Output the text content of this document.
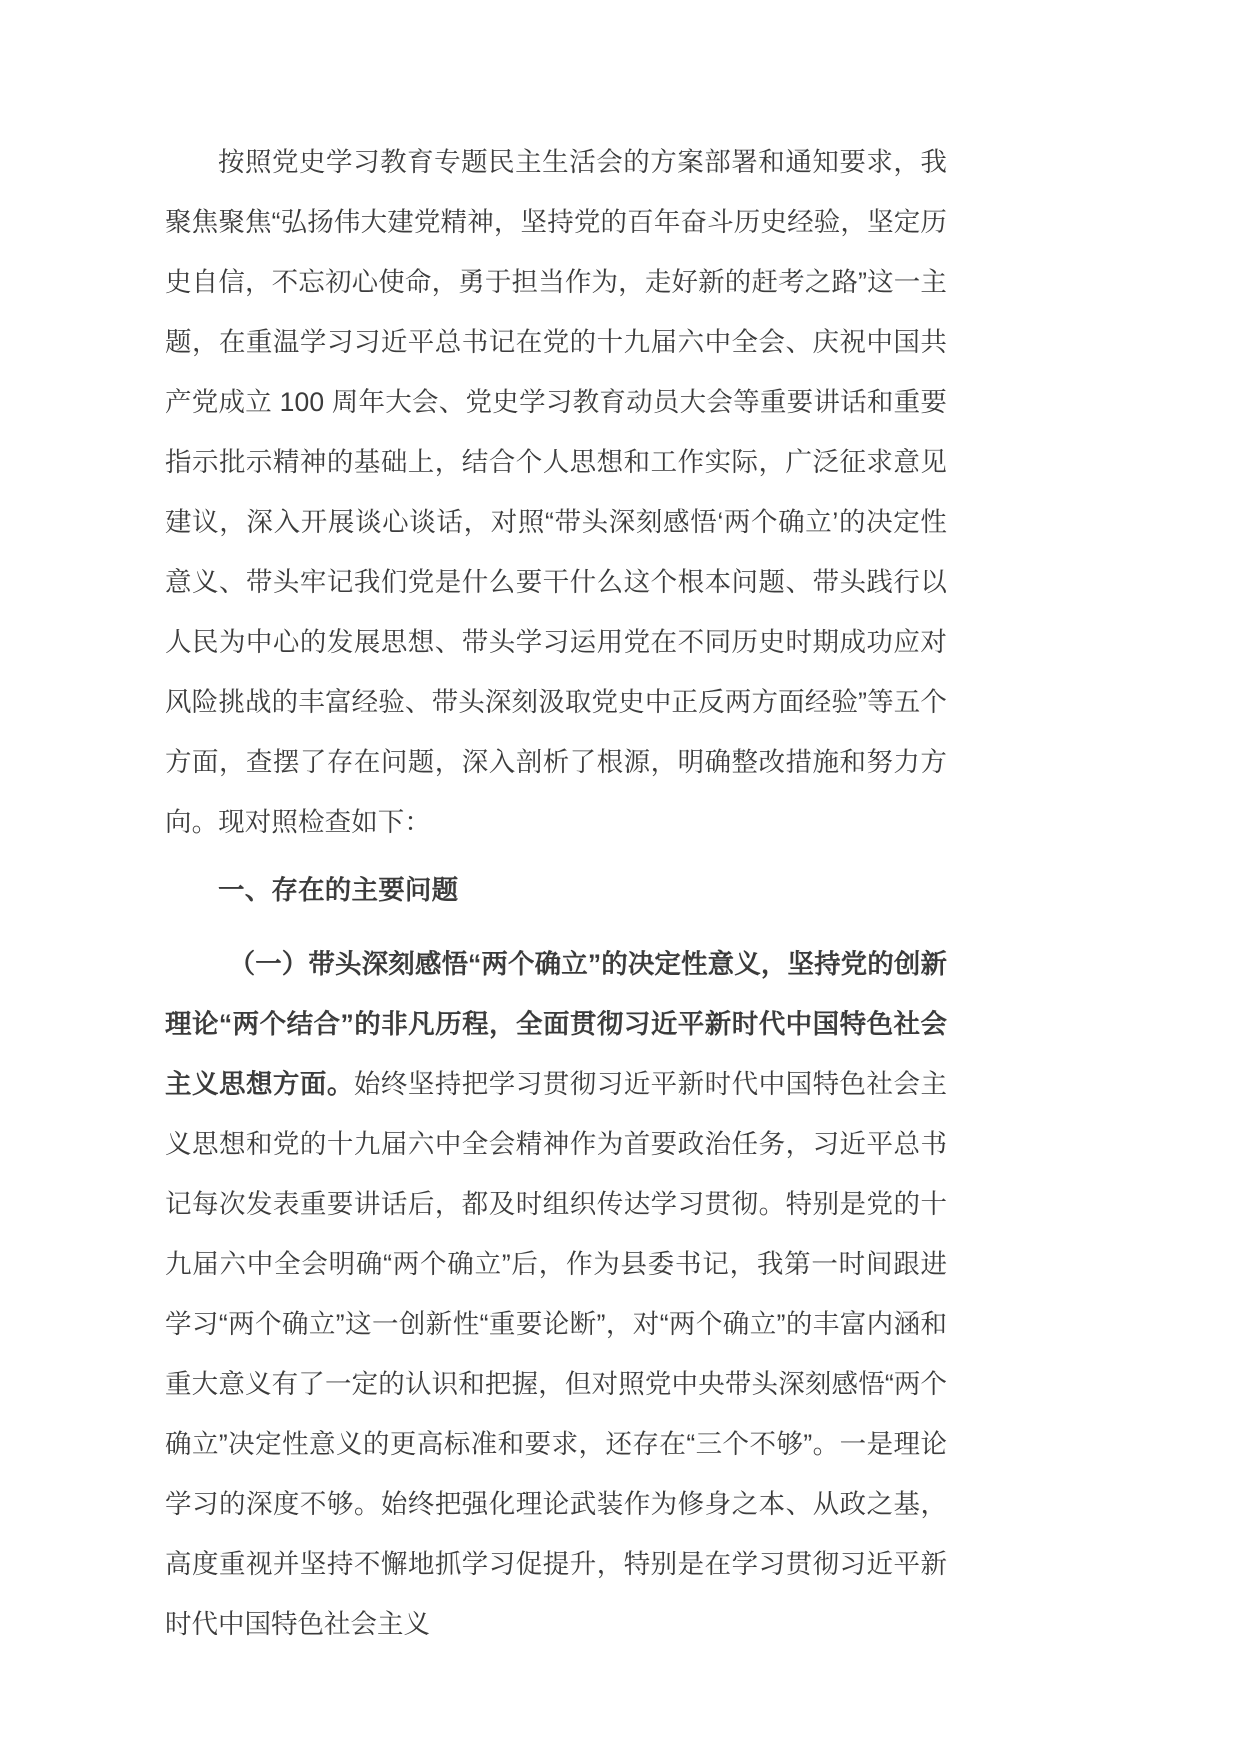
按照党史学习教育专题民主生活会的方案部署和通知要求，我聚焦聚焦“弘扬伟大建党精神，坚持党的百年奋斗历史经验，坚定历史自信，不忘初心使命，勇于担当作为，走好新的赶考之路”这一主题，在重温学习习近平总书记在党的十九届六中全会、庆祝中国共产党成立 100 周年大会、党史学习教育动员大会等重要讲话和重要指示批示精神的基础上，结合个人思想和工作实际，广泛征求意见建议，深入开展谈心谈话，对照“带头深刻感悟‘两个确立’的决定性意义、带头牢记我们党是什么要干什么这个根本问题、带头践行以人民为中心的发展思想、带头学习运用党在不同历史时期成功应对风险挑战的丰富经验、带头深刻汲取党史中正反两方面经验”等五个方面，查摆了存在问题，深入剖析了根源，明确整改措施和努力方向。现对照检查如下：

一、存在的主要问题

（一）带头深刻感悟“两个确立”的决定性意义，坚持党的创新理论“两个结合”的非凡历程，全面贯彻习近平新时代中国特色社会主义思想方面。始终坚持把学习贯彻习近平新时代中国特色社会主义思想和党的十九届六中全会精神作为首要政治任务，习近平总书记每次发表重要讲话后，都及时组织传达学习贯彻。特别是党的十九届六中全会明确“两个确立”后，作为县委书记，我第一时间跟进学习“两个确立”这一创新性“重要论断”，对“两个确立”的丰富内涵和重大意义有了一定的认识和把握，但对照党中央带头深刻感悟“两个确立”决定性意义的更高标准和要求，还存在“三个不够”。一是理论学习的深度不够。始终把强化理论武装作为修身之本、从政之基，高度重视并坚持不懈地抓学习促提升，特别是在学习贯彻习近平新时代中国特色社会主义
